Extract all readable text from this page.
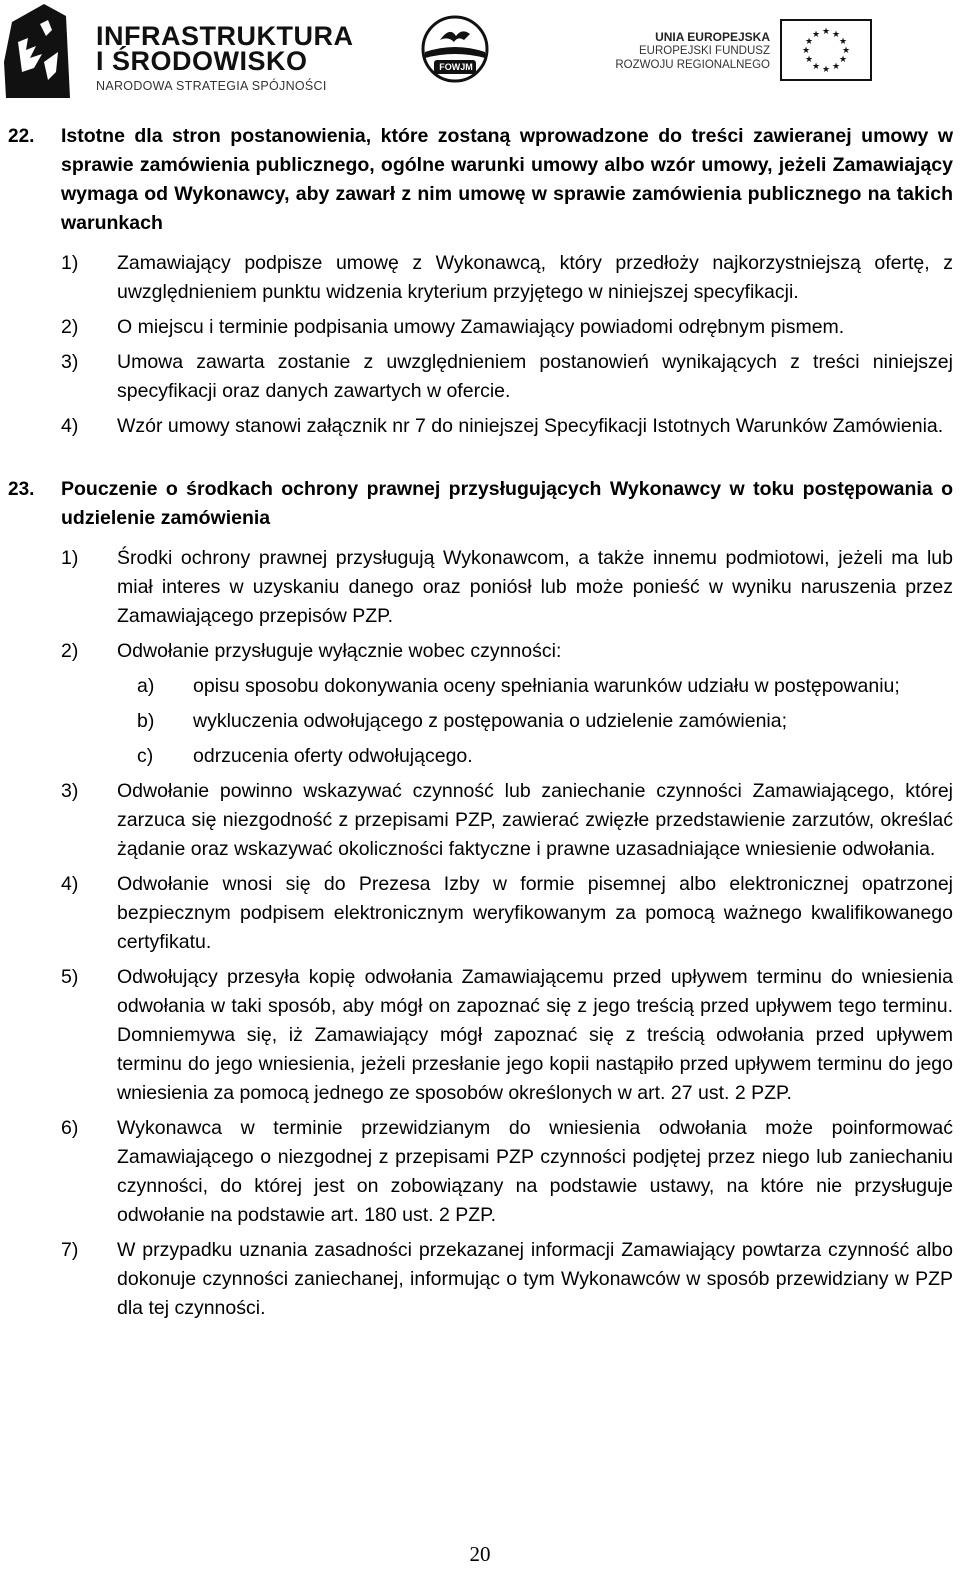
INFRASTRUKTURA
I ŚRODOWISKO
NARODOWA STRATEGIA SPÓJNOŚCI
FOWJM
UNIA EUROPEJSKA
EUROPEJSKI FUNDUSZ
ROZWOJU REGIONALNEGO
★ ★
★
★
★
★
★
★
★
★
★
★
22. Istotne dla stron postanowienia, które zostaną wprowadzone do treści zawieranej umowy w sprawie zamówienia publicznego, ogólne warunki umowy albo wzór umowy, jeżeli Zamawiający wymaga od Wykonawcy, aby zawarł z nim umowę w sprawie zamówienia publicznego na takich warunkach
1) Zamawiający podpisze umowę z Wykonawcą, który przedłoży najkorzystniejszą ofertę, z uwzględnieniem punktu widzenia kryterium przyjętego w niniejszej specyfikacji.
2) O miejscu i terminie podpisania umowy Zamawiający powiadomi odrębnym pismem.
3) Umowa zawarta zostanie z uwzględnieniem postanowień wynikających z treści niniejszej specyfikacji oraz danych zawartych w ofercie.
4) Wzór umowy stanowi załącznik nr 7 do niniejszej Specyfikacji Istotnych Warunków Zamówienia.
23. Pouczenie o środkach ochrony prawnej przysługujących Wykonawcy w toku postępowania o udzielenie zamówienia
1) Środki ochrony prawnej przysługują Wykonawcom, a także innemu podmiotowi, jeżeli ma lub miał interes w uzyskaniu danego oraz poniósł lub może ponieść w wyniku naruszenia przez Zamawiającego przepisów PZP.
2) Odwołanie przysługuje wyłącznie wobec czynności:
a) opisu sposobu dokonywania oceny spełniania warunków udziału w postępowaniu;
b) wykluczenia odwołującego z postępowania o udzielenie zamówienia;
c) odrzucenia oferty odwołującego.
3) Odwołanie powinno wskazywać czynność lub zaniechanie czynności Zamawiającego, której zarzuca się niezgodność z przepisami PZP, zawierać zwięzłe przedstawienie zarzutów, określać żądanie oraz wskazywać okoliczności faktyczne i prawne uzasadniające wniesienie odwołania.
4) Odwołanie wnosi się do Prezesa Izby w formie pisemnej albo elektronicznej opatrzonej bezpiecznym podpisem elektronicznym weryfikowanym za pomocą ważnego kwalifikowanego certyfikatu.
5) Odwołujący przesyła kopię odwołania Zamawiającemu przed upływem terminu do wniesienia odwołania w taki sposób, aby mógł on zapoznać się z jego treścią przed upływem tego terminu. Domniemywa się, iż Zamawiający mógł zapoznać się z treścią odwołania przed upływem terminu do jego wniesienia, jeżeli przesłanie jego kopii nastąpiło przed upływem terminu do jego wniesienia za pomocą jednego ze sposobów określonych w art. 27 ust. 2 PZP.
6) Wykonawca w terminie przewidzianym do wniesienia odwołania może poinformować Zamawiającego o niezgodnej z przepisami PZP czynności podjętej przez niego lub zaniechaniu czynności, do której jest on zobowiązany na podstawie ustawy, na które nie przysługuje odwołanie na podstawie art. 180 ust. 2 PZP.
7) W przypadku uznania zasadności przekazanej informacji Zamawiający powtarza czynność albo dokonuje czynności zaniechanej, informując o tym Wykonawców w sposób przewidziany w PZP dla tej czynności.
20
